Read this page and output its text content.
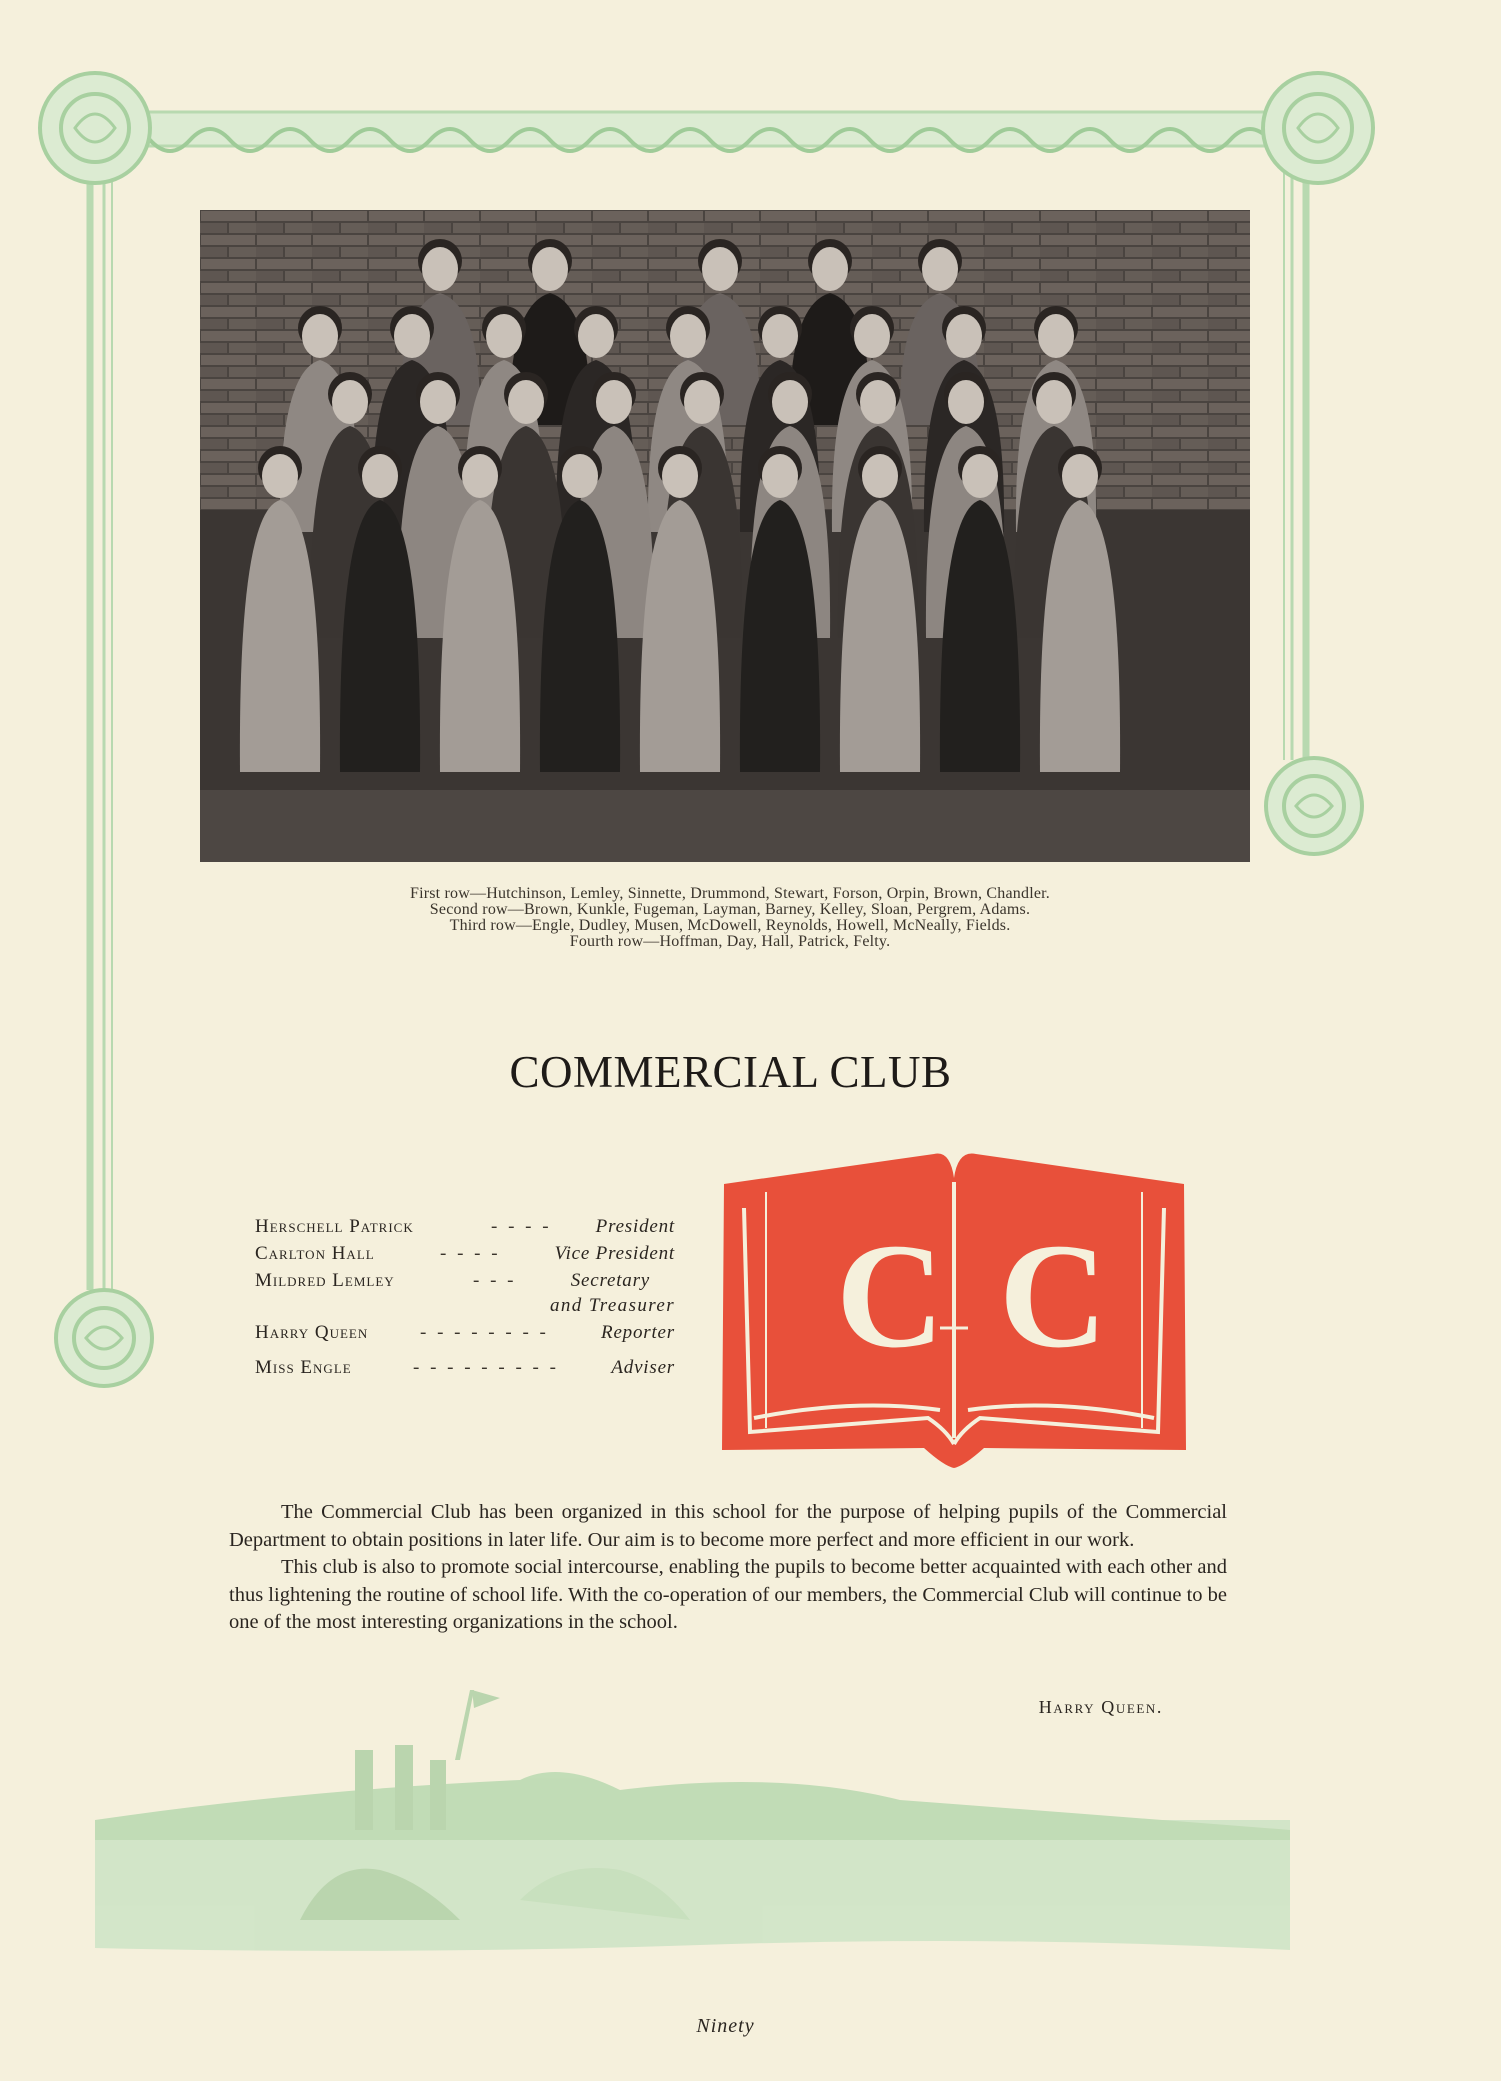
First row—Hutchinson, Lemley, Sinnette, Drummond, Stewart, Forson, Orpin, Brown, Chandler.
Second row—Brown, Kunkle, Fugeman, Layman, Barney, Kelley, Sloan, Pergrem, Adams.
Third row—Engle, Dudley, Musen, McDowell, Reynolds, Howell, McNeally, Fields.
Fourth row—Hoffman, Day, Hall, Patrick, Felty.
COMMERCIAL CLUB
Herschell Patrick	- - - - President
Carlton Hall	- - - -	Vice President
Mildred Lemley	- - -	Secretary
and Treasurer
Harry Queen	- - - - - - - -	Reporter
Miss Engle	- - - - - - - - -	Adviser C C

The Commercial Club has been organized in this school for the purpose of helping pupils of the Commercial Department to obtain positions in later life. Our aim is to become more perfect and more efficient in our work.

This club is also to promote social intercourse, enabling the pupils to become better acquainted with each other and thus lightening the routine of school life. With the co-operation of our members, the Commercial Club will continue to be one of the most interesting organizations in the school.

Harry Queen.
Ninety
